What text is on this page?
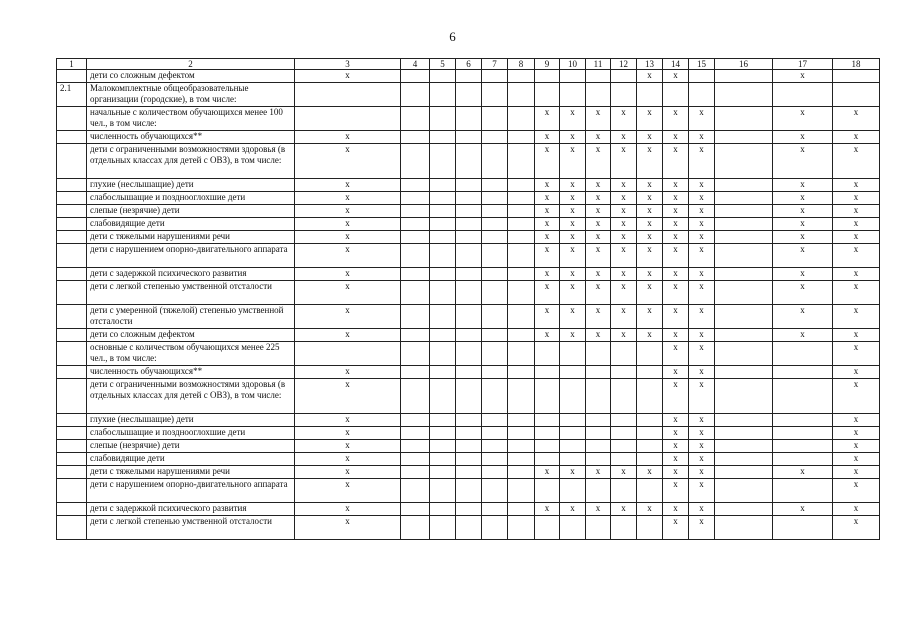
6
1	2	3	4	5	6	7	8	9	10	11	12	13	14	15	16	17	18
	дети со сложным дефектом	x										x	x			x	
2.1	Малокомплектные общеобразовательные организации (городские), в том числе:																
	начальные с количеством обучающихся менее 100 чел., в том числе:							x	x	x	x	x	x	x		x	x
	численность обучающихся**	x						x	x	x	x	x	x	x		x	x
	дети с ограниченными возможностями здоровья (в отдельных классах для детей с ОВЗ), в том числе:	x						x	x	x	x	x	x	x		x	x
	глухие (неслышащие) дети	x						x	x	x	x	x	x	x		x	x
	слабослышащие и позднооглохшие дети	x						x	x	x	x	x	x	x		x	x
	слепые (незрячие) дети	x						x	x	x	x	x	x	x		x	x
	слабовидящие дети	x						x	x	x	x	x	x	x		x	x
	дети с тяжелыми нарушениями речи	x						x	x	x	x	x	x	x		x	x
	дети с нарушением опорно-двигательного аппарата	x						x	x	x	x	x	x	x		x	x
	дети с задержкой психического развития	x						x	x	x	x	x	x	x		x	x
	дети с легкой степенью умственной отсталости	x						x	x	x	x	x	x	x		x	x
	дети с умеренной (тяжелой) степенью умственной отсталости	x						x	x	x	x	x	x	x		x	x
	дети со сложным дефектом	x						x	x	x	x	x	x	x		x	x
	основные с количеством обучающихся менее 225 чел., в том числе:												x	x			x
	численность обучающихся**	x											x	x			x
	дети с ограниченными возможностями здоровья (в отдельных классах для детей с ОВЗ), в том числе:	x											x	x			x
	глухие (неслышащие) дети	x											x	x			x
	слабослышащие и позднооглохшие дети	x											x	x			x
	слепые (незрячие) дети	x											x	x			x
	слабовидящие дети	x											x	x			x
	дети с тяжелыми нарушениями речи	x						x	x	x	x	x	x	x		x	x
	дети с нарушением опорно-двигательного аппарата	x											x	x			x
	дети с задержкой психического развития	x						x	x	x	x	x	x	x		x	x
	дети с легкой степенью умственной отсталости	x											x	x			x
